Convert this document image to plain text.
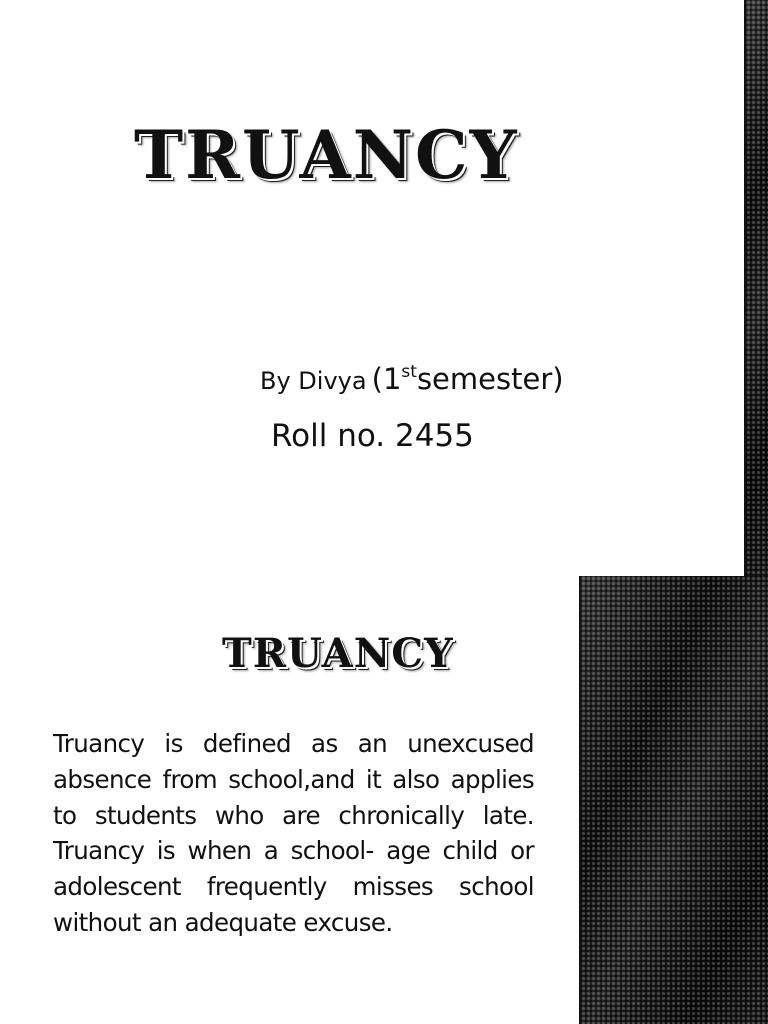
TRUANCY
By Divya (1stsemester)

Roll no. 2455

TRUANCY

Truancy is defined as an unexcused absence from school,and it also applies to students who are chronically late. Truancy is when a school- age child or adolescent frequently misses school without an adequate excuse.
